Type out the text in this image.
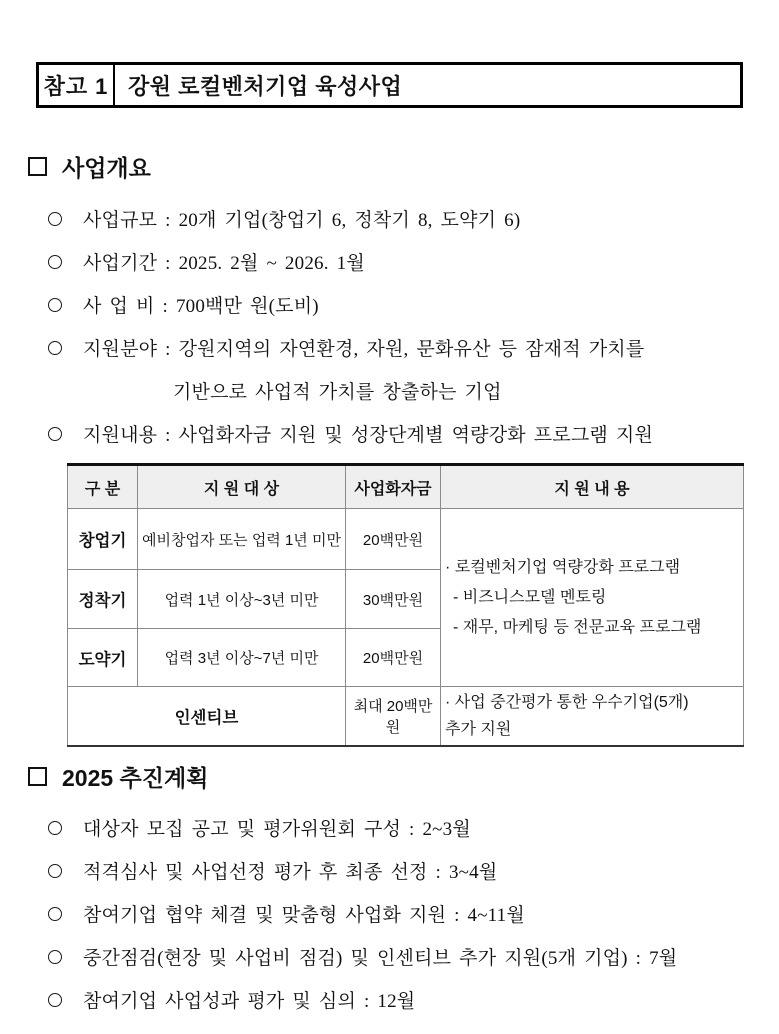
참고 1 강원 로컬벤처기업 육성사업
사업개요
사업규모 : 20개 기업(창업기 6, 정착기 8, 도약기 6)
사업기간 : 2025. 2월 ~ 2026. 1월
사 업 비 : 700백만 원(도비)
지원분야 : 강원지역의 자연환경, 자원, 문화유산 등 잠재적 가치를
기반으로 사업적 가치를 창출하는 기업
지원내용 : 사업화자금 지원 및 성장단계별 역량강화 프로그램 지원
구 분	지 원 대 상	사업화자금	지 원 내 용
창업기	예비창업자 또는 업력 1년 미만	20백만원	· 로컬벤처기업 역량강화 프로그램
- 비즈니스모델 멘토링
- 재무, 마케팅 등 전문교육 프로그램

정착기	업력 1년 이상~3년 미만	30백만원	
도약기	업력 3년 이상~7년 미만	20백만원	
인센티브		최대 20백만원	· 사업 중간평가 통한 우수기업(5개)
추가 지원
2025 추진계획
대상자 모집 공고 및 평가위원회 구성 : 2~3월
적격심사 및 사업선정 평가 후 최종 선정 : 3~4월
참여기업 협약 체결 및 맞춤형 사업화 지원 : 4~11월
중간점검(현장 및 사업비 점검) 및 인센티브 추가 지원(5개 기업) : 7월
참여기업 사업성과 평가 및 심의 : 12월
